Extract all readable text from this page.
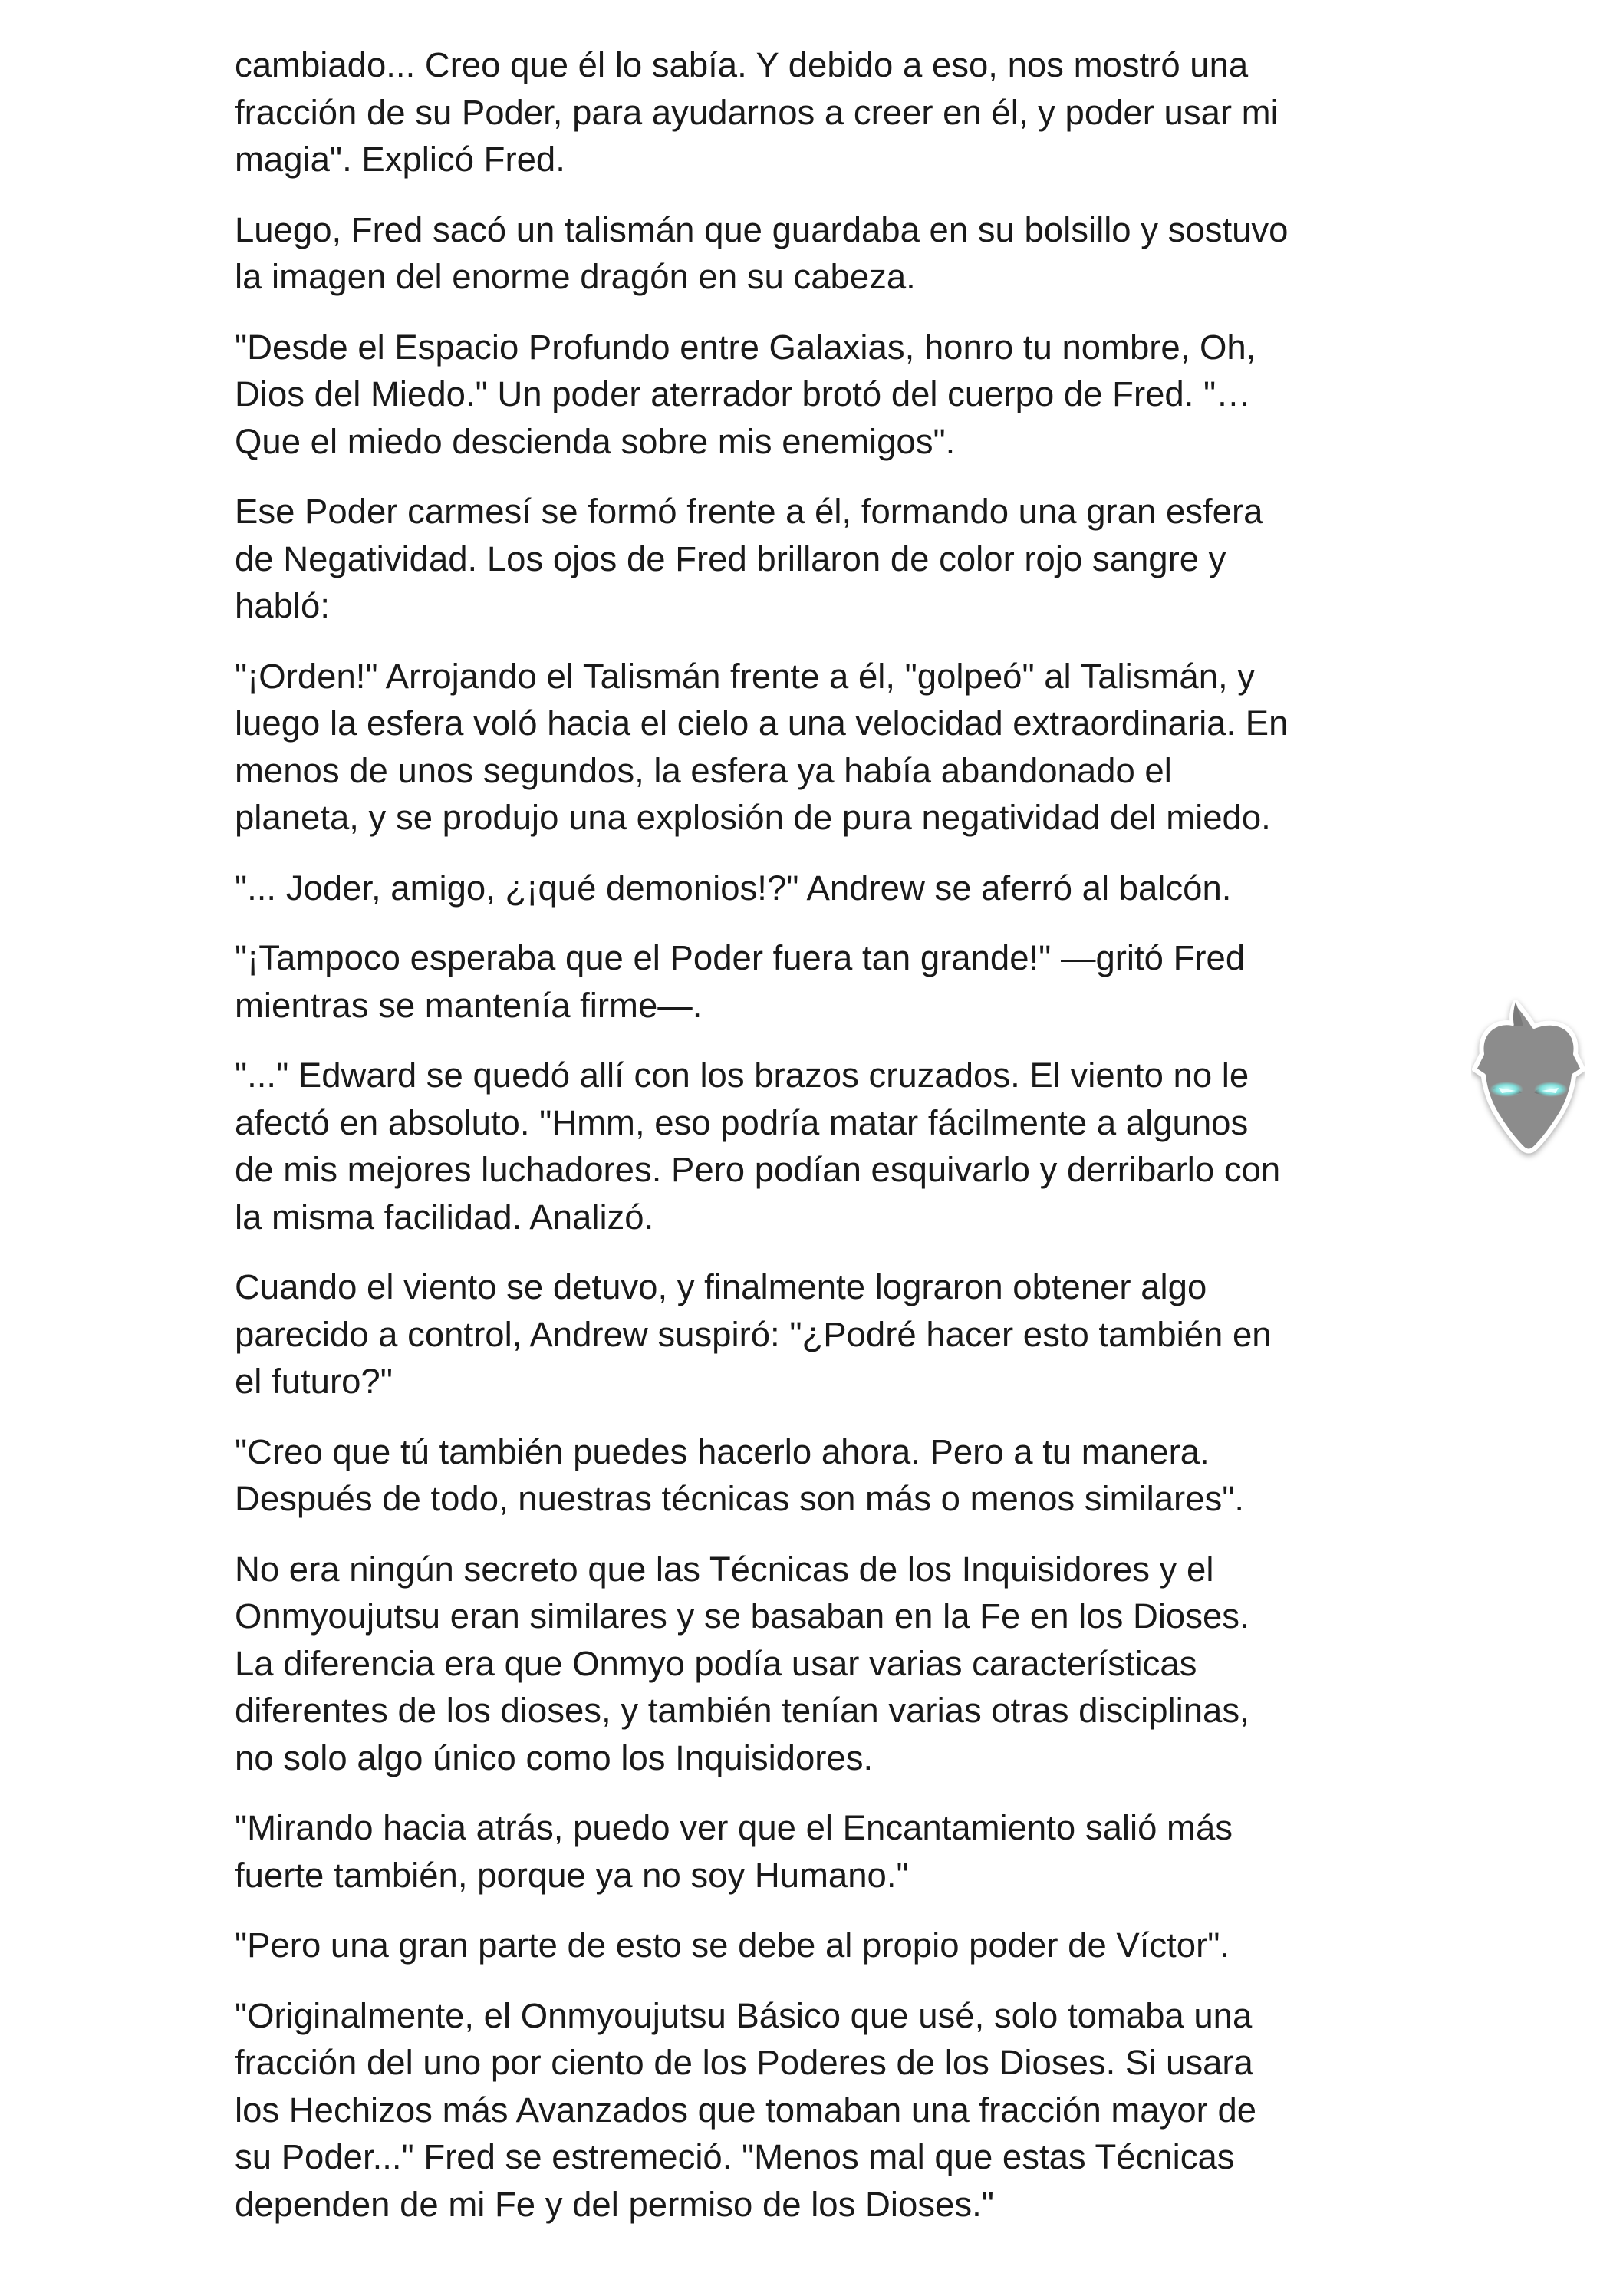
cambiado... Creo que él lo sabía. Y debido a eso, nos mostró una
fracción de su Poder, para ayudarnos a creer en él, y poder usar mi
magia". Explicó Fred.

Luego, Fred sacó un talismán que guardaba en su bolsillo y sostuvo
la imagen del enorme dragón en su cabeza.

"Desde el Espacio Profundo entre Galaxias, honro tu nombre, Oh,
Dios del Miedo." Un poder aterrador brotó del cuerpo de Fred. "…
Que el miedo descienda sobre mis enemigos".

Ese Poder carmesí se formó frente a él, formando una gran esfera
de Negatividad. Los ojos de Fred brillaron de color rojo sangre y
habló:

"¡Orden!" Arrojando el Talismán frente a él, "golpeó" al Talismán, y
luego la esfera voló hacia el cielo a una velocidad extraordinaria. En
menos de unos segundos, la esfera ya había abandonado el
planeta, y se produjo una explosión de pura negatividad del miedo.

"... Joder, amigo, ¿¡qué demonios!?" Andrew se aferró al balcón.

"¡Tampoco esperaba que el Poder fuera tan grande!" —gritó Fred
mientras se mantenía firme—.

"..." Edward se quedó allí con los brazos cruzados. El viento no le
afectó en absoluto. "Hmm, eso podría matar fácilmente a algunos
de mis mejores luchadores. Pero podían esquivarlo y derribarlo con
la misma facilidad. Analizó.

Cuando el viento se detuvo, y finalmente lograron obtener algo
parecido a control, Andrew suspiró: "¿Podré hacer esto también en
el futuro?"

"Creo que tú también puedes hacerlo ahora. Pero a tu manera.
Después de todo, nuestras técnicas son más o menos similares".

No era ningún secreto que las Técnicas de los Inquisidores y el
Onmyoujutsu eran similares y se basaban en la Fe en los Dioses.
La diferencia era que Onmyo podía usar varias características
diferentes de los dioses, y también tenían varias otras disciplinas,
no solo algo único como los Inquisidores.

"Mirando hacia atrás, puedo ver que el Encantamiento salió más
fuerte también, porque ya no soy Humano."

"Pero una gran parte de esto se debe al propio poder de Víctor".

"Originalmente, el Onmyoujutsu Básico que usé, solo tomaba una
fracción del uno por ciento de los Poderes de los Dioses. Si usara
los Hechizos más Avanzados que tomaban una fracción mayor de
su Poder..." Fred se estremeció. "Menos mal que estas Técnicas
dependen de mi Fe y del permiso de los Dioses."
